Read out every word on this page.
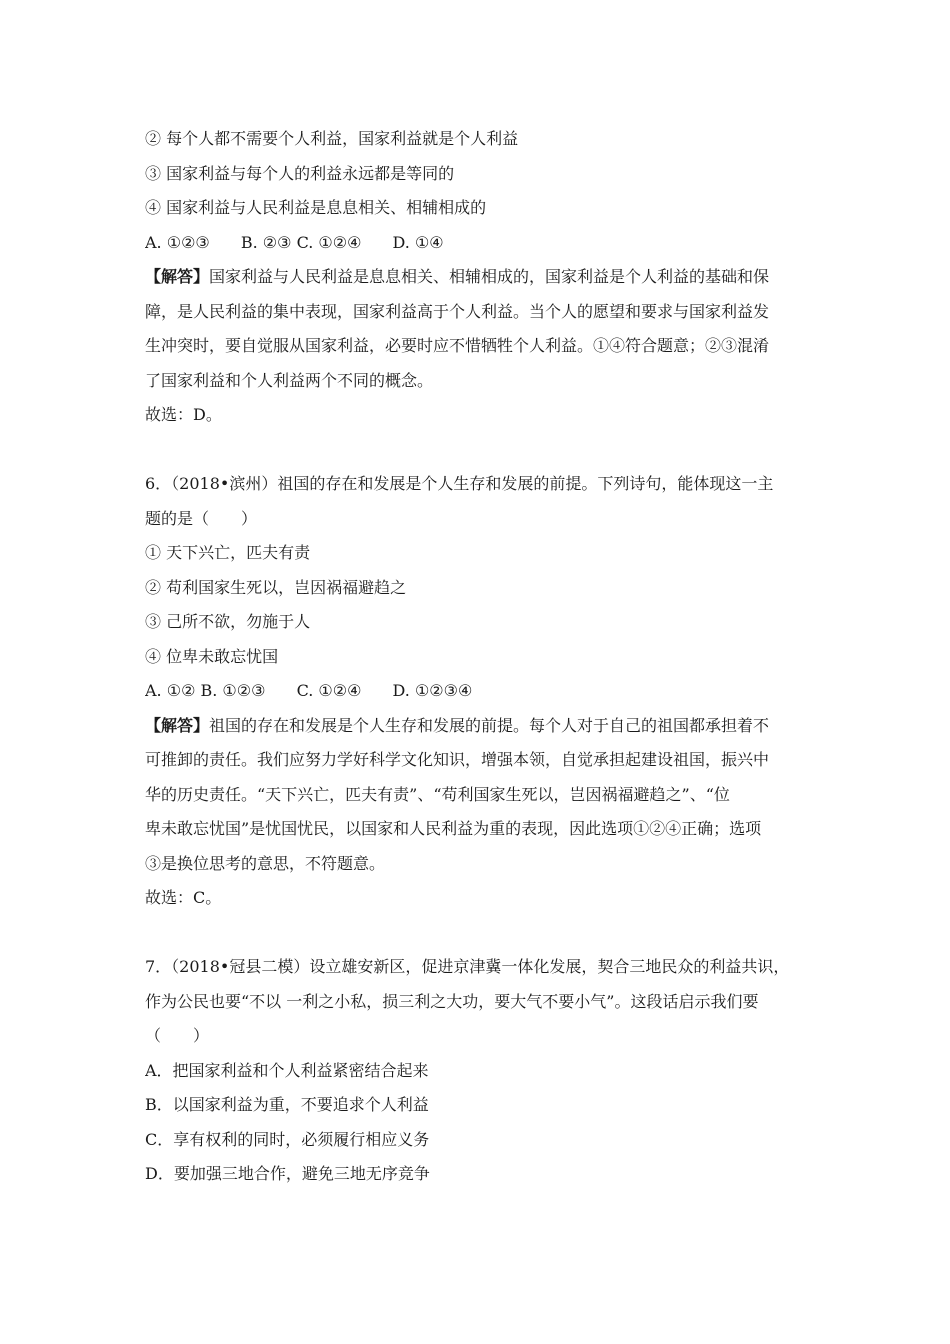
② 每个人都不需要个人利益，国家利益就是个人利益

③ 国家利益与每个人的利益永远都是等同的

④ 国家利益与人民利益是息息相关、相辅相成的

A. ①②③ B. ②③ C. ①②④ D. ①④

【解答】国家利益与人民利益是息息相关、相辅相成的，国家利益是个人利益的基础和保

障，是人民利益的集中表现，国家利益高于个人利益。当个人的愿望和要求与国家利益发

生冲突时，要自觉服从国家利益，必要时应不惜牺牲个人利益。①④符合题意；②③混淆

了国家利益和个人利益两个不同的概念。

故选：D。

6．（2018•滨州）祖国的存在和发展是个人生存和发展的前提。下列诗句，能体现这一主

题的是（　　）

① 天下兴亡，匹夫有责

② 苟利国家生死以，岂因祸福避趋之

③ 己所不欲，勿施于人

④ 位卑未敢忘忧国

A. ①② B. ①②③ C. ①②④ D. ①②③④

【解答】祖国的存在和发展是个人生存和发展的前提。每个人对于自己的祖国都承担着不

可推卸的责任。我们应努力学好科学文化知识，增强本领，自觉承担起建设祖国，振兴中

华的历史责任。“天下兴亡，匹夫有责”、“苟利国家生死以，岂因祸福避趋之”、“位

卑未敢忘忧国”是忧国忧民，以国家和人民利益为重的表现，因此选项①②④正确；选项

③是换位思考的意思，不符题意。

故选：C。

7．（2018•冠县二模）设立雄安新区，促进京津冀一体化发展，契合三地民众的利益共识，

作为公民也要“不以 一利之小私，损三利之大功，要大气不要小气”。这段话启示我们要

（　　）

A．把国家利益和个人利益紧密结合起来

B．以国家利益为重，不要追求个人利益

C．享有权利的同时，必须履行相应义务

D．要加强三地合作，避免三地无序竞争
